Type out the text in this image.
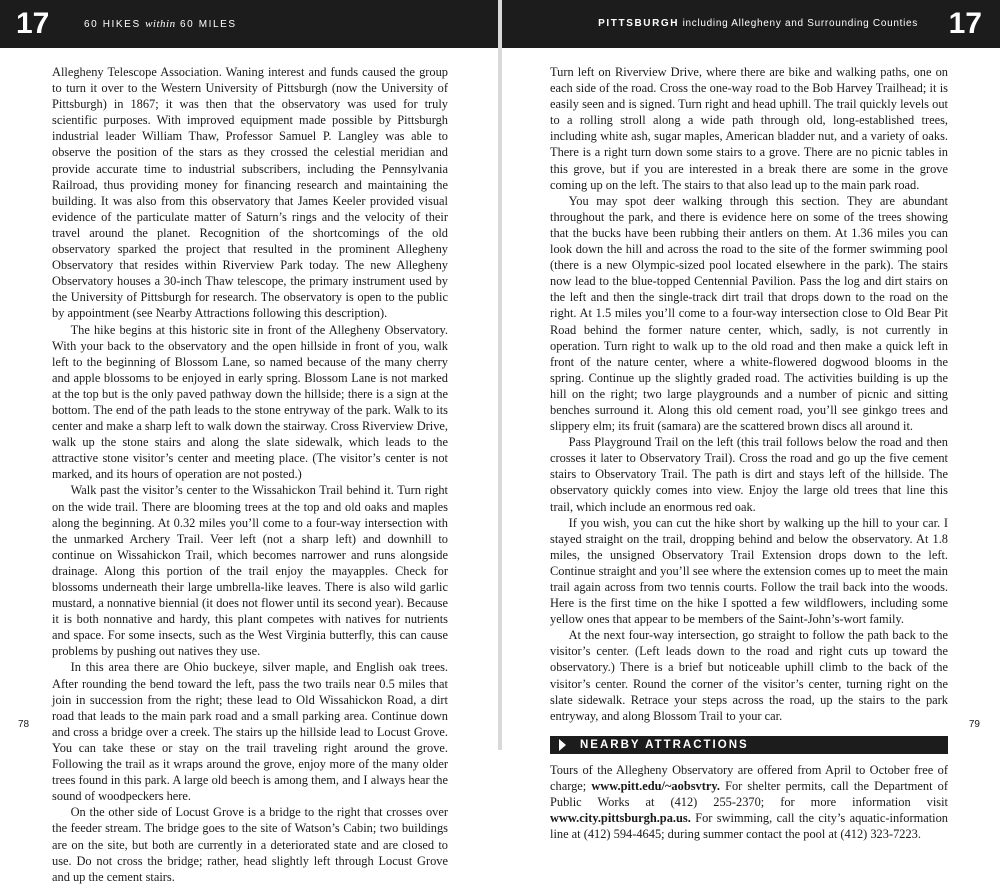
17	60 HIKES within 60 MILES

Allegheny Telescope Association. Waning interest and funds caused the group to turn it over to the Western University of Pittsburgh (now the University of Pittsburgh) in 1867; it was then that the observatory was used for truly scientific purposes. With improved equipment made possible by Pittsburgh industrial leader William Thaw, Professor Samuel P. Langley was able to observe the position of the stars as they crossed the celestial meridian and provide accurate time to industrial subscribers, including the Pennsylvania Railroad, thus providing money for financing research and maintaining the building. It was also from this observatory that James Keeler provided visual evidence of the particulate matter of Saturn’s rings and the velocity of their travel around the planet. Recognition of the shortcomings of the old observatory sparked the project that resulted in the prominent Allegheny Observatory that resides within Riverview Park today. The new Allegheny Observatory houses a 30-inch Thaw telescope, the primary instrument used by the University of Pittsburgh for research. The observatory is open to the public by appointment (see Nearby Attractions following this description).

The hike begins at this historic site in front of the Allegheny Observatory. With your back to the observatory and the open hillside in front of you, walk left to the beginning of Blossom Lane, so named because of the many cherry and apple blossoms to be enjoyed in early spring. Blossom Lane is not marked at the top but is the only paved pathway down the hillside; there is a sign at the bottom. The end of the path leads to the stone entryway of the park. Walk to its center and make a sharp left to walk down the stairway. Cross Riverview Drive, walk up the stone stairs and along the slate sidewalk, which leads to the attractive stone visitor’s center and meeting place. (The visitor’s center is not marked, and its hours of operation are not posted.)

Walk past the visitor’s center to the Wissahickon Trail behind it. Turn right on the wide trail. There are blooming trees at the top and old oaks and maples along the beginning. At 0.32 miles you’ll come to a four-way intersection with the unmarked Archery Trail. Veer left (not a sharp left) and downhill to continue on Wissahickon Trail, which becomes narrower and runs alongside drainage. Along this portion of the trail enjoy the mayapples. Check for blossoms underneath their large umbrella-like leaves. There is also wild garlic mustard, a nonnative biennial (it does not flower until its second year). Because it is both nonnative and hardy, this plant competes with natives for nutrients and space. For some insects, such as the West Virginia butterfly, this can cause problems by pushing out natives they use.

In this area there are Ohio buckeye, silver maple, and English oak trees. After rounding the bend toward the left, pass the two trails near 0.5 miles that join in succession from the right; these lead to Old Wissahickon Road, a dirt road that leads to the main park road and a small parking area. Continue down and cross a bridge over a creek. The stairs up the hillside lead to Locust Grove. You can take these or stay on the trail traveling right around the grove. Following the trail as it wraps around the grove, enjoy more of the many older trees found in this park. A large old beech is among them, and I always hear the sound of woodpeckers here.

On the other side of Locust Grove is a bridge to the right that crosses over the feeder stream. The bridge goes to the site of Watson’s Cabin; two buildings are on the site, but both are currently in a deteriorated state and are closed to use. Do not cross the bridge; rather, head slightly left through Locust Grove and up the cement stairs.

78
PITTSBURGH including Allegheny and Surrounding Counties 17

Turn left on Riverview Drive, where there are bike and walking paths, one on each side of the road. Cross the one-way road to the Bob Harvey Trailhead; it is easily seen and is signed. Turn right and head uphill. The trail quickly levels out to a rolling stroll along a wide path through old, long-established trees, including white ash, sugar maples, American bladder nut, and a variety of oaks. There is a right turn down some stairs to a grove. There are no picnic tables in this grove, but if you are interested in a break there are some in the grove coming up on the left. The stairs to that also lead up to the main park road.

You may spot deer walking through this section. They are abundant throughout the park, and there is evidence here on some of the trees showing that the bucks have been rubbing their antlers on them. At 1.36 miles you can look down the hill and across the road to the site of the former swimming pool (there is a new Olympic-sized pool located elsewhere in the park). The stairs now lead to the blue-topped Centennial Pavilion. Pass the log and dirt stairs on the left and then the single-track dirt trail that drops down to the road on the right. At 1.5 miles you’ll come to a four-way intersection close to Old Bear Pit Road behind the former nature center, which, sadly, is not currently in operation. Turn right to walk up to the old road and then make a quick left in front of the nature center, where a white-flowered dogwood blooms in the spring. Continue up the slightly graded road. The activities building is up the hill on the right; two large playgrounds and a number of picnic and sitting benches surround it. Along this old cement road, you’ll see ginkgo trees and slippery elm; its fruit (samara) are the scattered brown discs all around it.

Pass Playground Trail on the left (this trail follows below the road and then crosses it later to Observatory Trail). Cross the road and go up the five cement stairs to Observatory Trail. The path is dirt and stays left of the hillside. The observatory quickly comes into view. Enjoy the large old trees that line this trail, which include an enormous red oak.

If you wish, you can cut the hike short by walking up the hill to your car. I stayed straight on the trail, dropping behind and below the observatory. At 1.8 miles, the unsigned Observatory Trail Extension drops down to the left. Continue straight and you’ll see where the extension comes up to meet the main trail again across from two tennis courts. Follow the trail back into the woods. Here is the first time on the hike I spotted a few wildflowers, including some yellow ones that appear to be members of the Saint-John’s-wort family.

At the next four-way intersection, go straight to follow the path back to the visitor’s center. (Left leads down to the road and right cuts up toward the observatory.) There is a brief but noticeable uphill climb to the back of the visitor’s center. Round the corner of the visitor’s center, turning right on the slate sidewalk. Retrace your steps across the road, up the stairs to the park entryway, and along Blossom Trail to your car.

NEARBY ATTRACTIONS

Tours of the Allegheny Observatory are offered from April to October free of charge; www.pitt.edu/~aobsvtry. For shelter permits, call the Department of Public Works at (412) 255-2370; for more information visit www.city.pittsburgh.pa.us. For swimming, call the city’s aquatic-information line at (412) 594-4645; during summer contact the pool at (412) 323-7223.

79
